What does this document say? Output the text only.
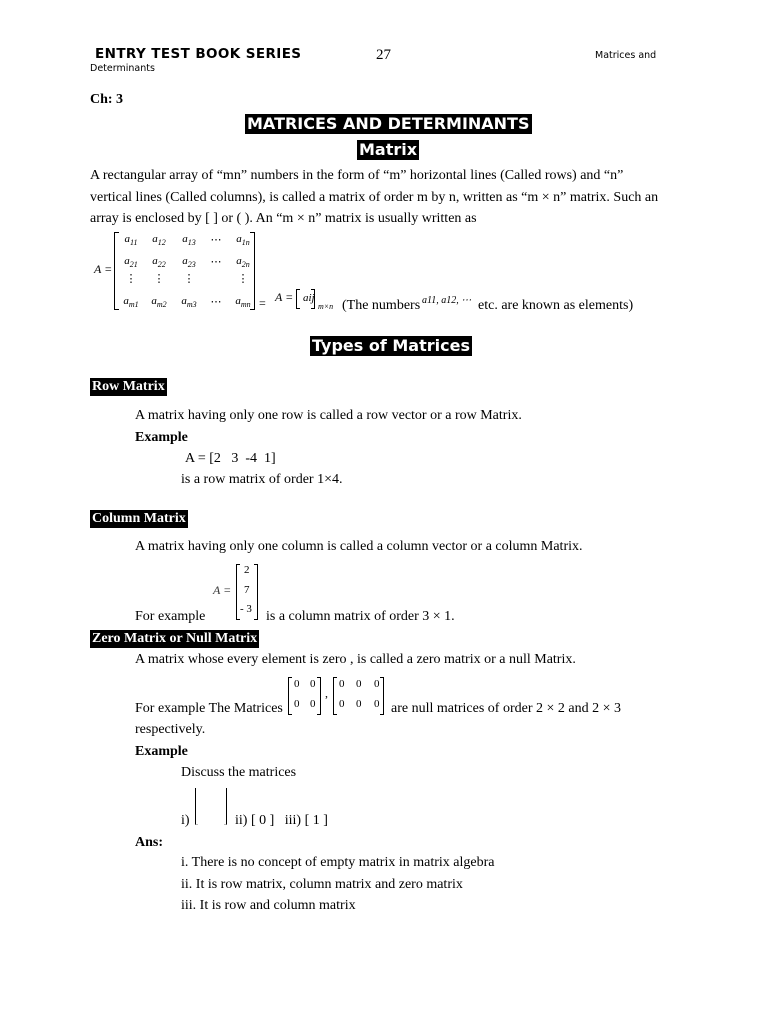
ENTRY TEST BOOK SERIES	27	Matrices and
Determinants
Ch: 3
MATRICES AND DETERMINANTS
Matrix
A rectangular array of “mn” numbers in the form of “m” horizontal lines (Called rows) and “n” vertical lines (Called columns), is called a matrix of order m by n, written as “m × n” matrix. Such an array is enclosed by [ ] or ( ). An “m × n” matrix is usually written as
A =
$a_{11}$	$a_{12}$	$a_{13}$	⋯	$a_{1n}$
$a_{21}$	$a_{22}$	$a_{23}$	⋯	$a_{2n}$
⋮	⋮	⋮	⋮
$a_{m1}$	$a_{m2}$	$a_{m3}$	⋯	$a_{mn} = A$ = aij
m×n (The numbers a11, a12, ⋯ etc. are known as elements)
Types of Matrices
Row Matrix
A matrix having only one row is called a row vector or a row Matrix.
Example
A = [2   3  -4  1]
is a row matrix of order 1×4.
Column Matrix
A matrix having only one column is called a column vector or a column Matrix.
A =
2
7
- 3
For example	is a column matrix of order 3 × 1.
Zero Matrix or Null Matrix
A matrix whose every element is zero , is called a zero matrix or a null Matrix.
For example The Matrices
0 0
0 0
,
0 0 0
0 0 0 are null matrices of order 2 × 2 and 2 × 3
respectively.
Example
Discuss the matrices
i)	ii) [ 0 ]   iii) [ 1 ]
Ans:
i. There is no concept of empty matrix in matrix algebra
ii. It is row matrix, column matrix and zero matrix
iii. It is row and column matrix
